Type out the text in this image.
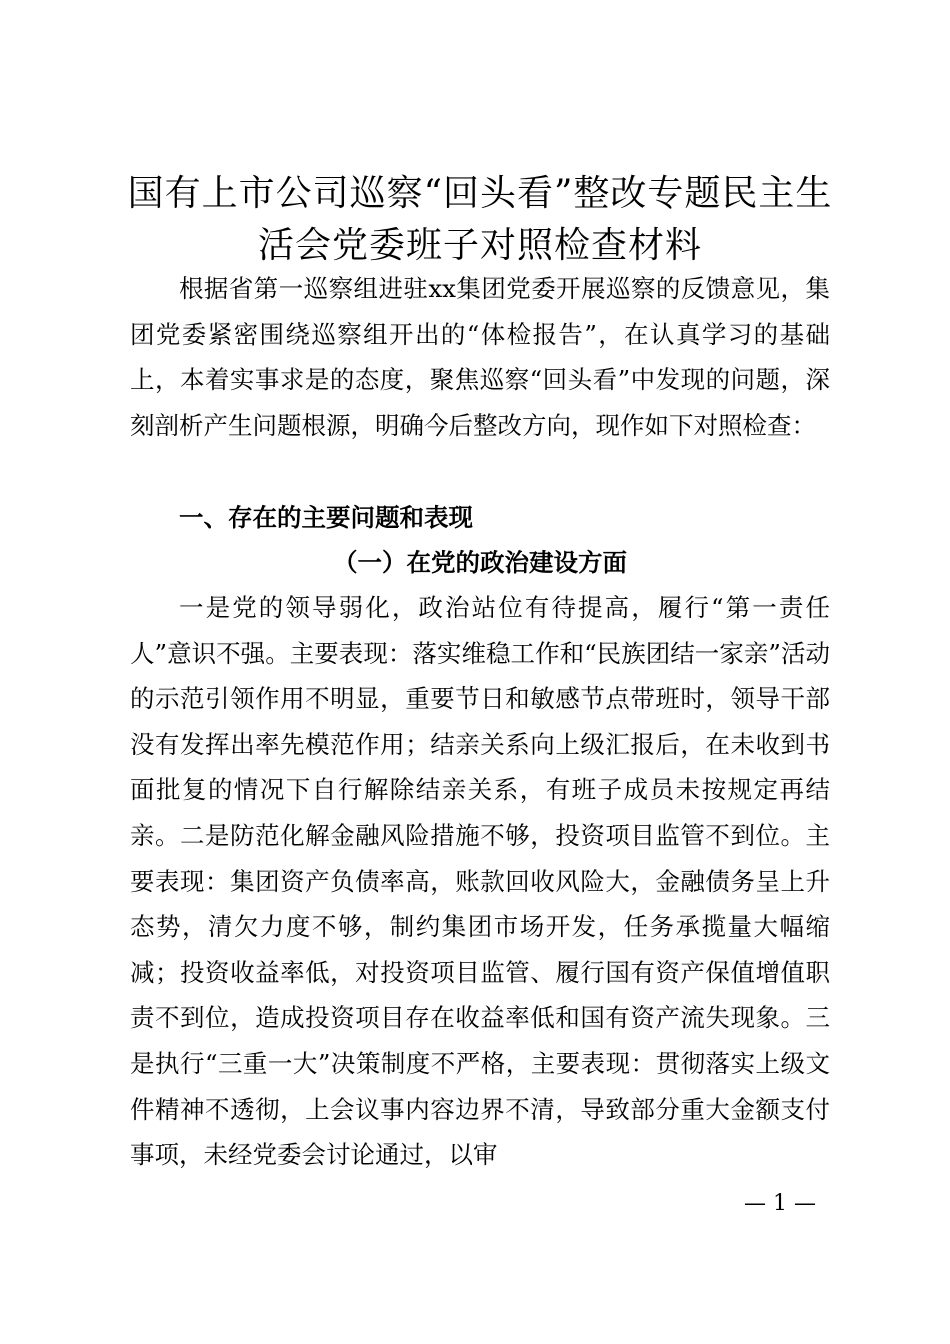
国有上市公司巡察“回头看”整改专题民主生
活会党委班子对照检查材料

根据省第一巡察组进驻xx集团党委开展巡察的反馈意见，集团党委紧密围绕巡察组开出的“体检报告”，在认真学习的基础上，本着实事求是的态度，聚焦巡察“回头看”中发现的问题，深刻剖析产生问题根源，明确今后整改方向，现作如下对照检查：

一、存在的主要问题和表现
（一）在党的政治建设方面

一是党的领导弱化，政治站位有待提高，履行“第一责任人”意识不强。主要表现：落实维稳工作和“民族团结一家亲”活动的示范引领作用不明显，重要节日和敏感节点带班时，领导干部没有发挥出率先模范作用；结亲关系向上级汇报后，在未收到书面批复的情况下自行解除结亲关系，有班子成员未按规定再结亲。二是防范化解金融风险措施不够，投资项目监管不到位。主要表现：集团资产负债率高，账款回收风险大，金融债务呈上升态势，清欠力度不够，制约集团市场开发，任务承揽量大幅缩减；投资收益率低，对投资项目监管、履行国有资产保值增值职责不到位，造成投资项目存在收益率低和国有资产流失现象。三是执行“三重一大”决策制度不严格，主要表现：贯彻落实上级文件精神不透彻，上会议事内容边界不清，导致部分重大金额支付事项，未经党委会讨论通过，以审

— 1 —
